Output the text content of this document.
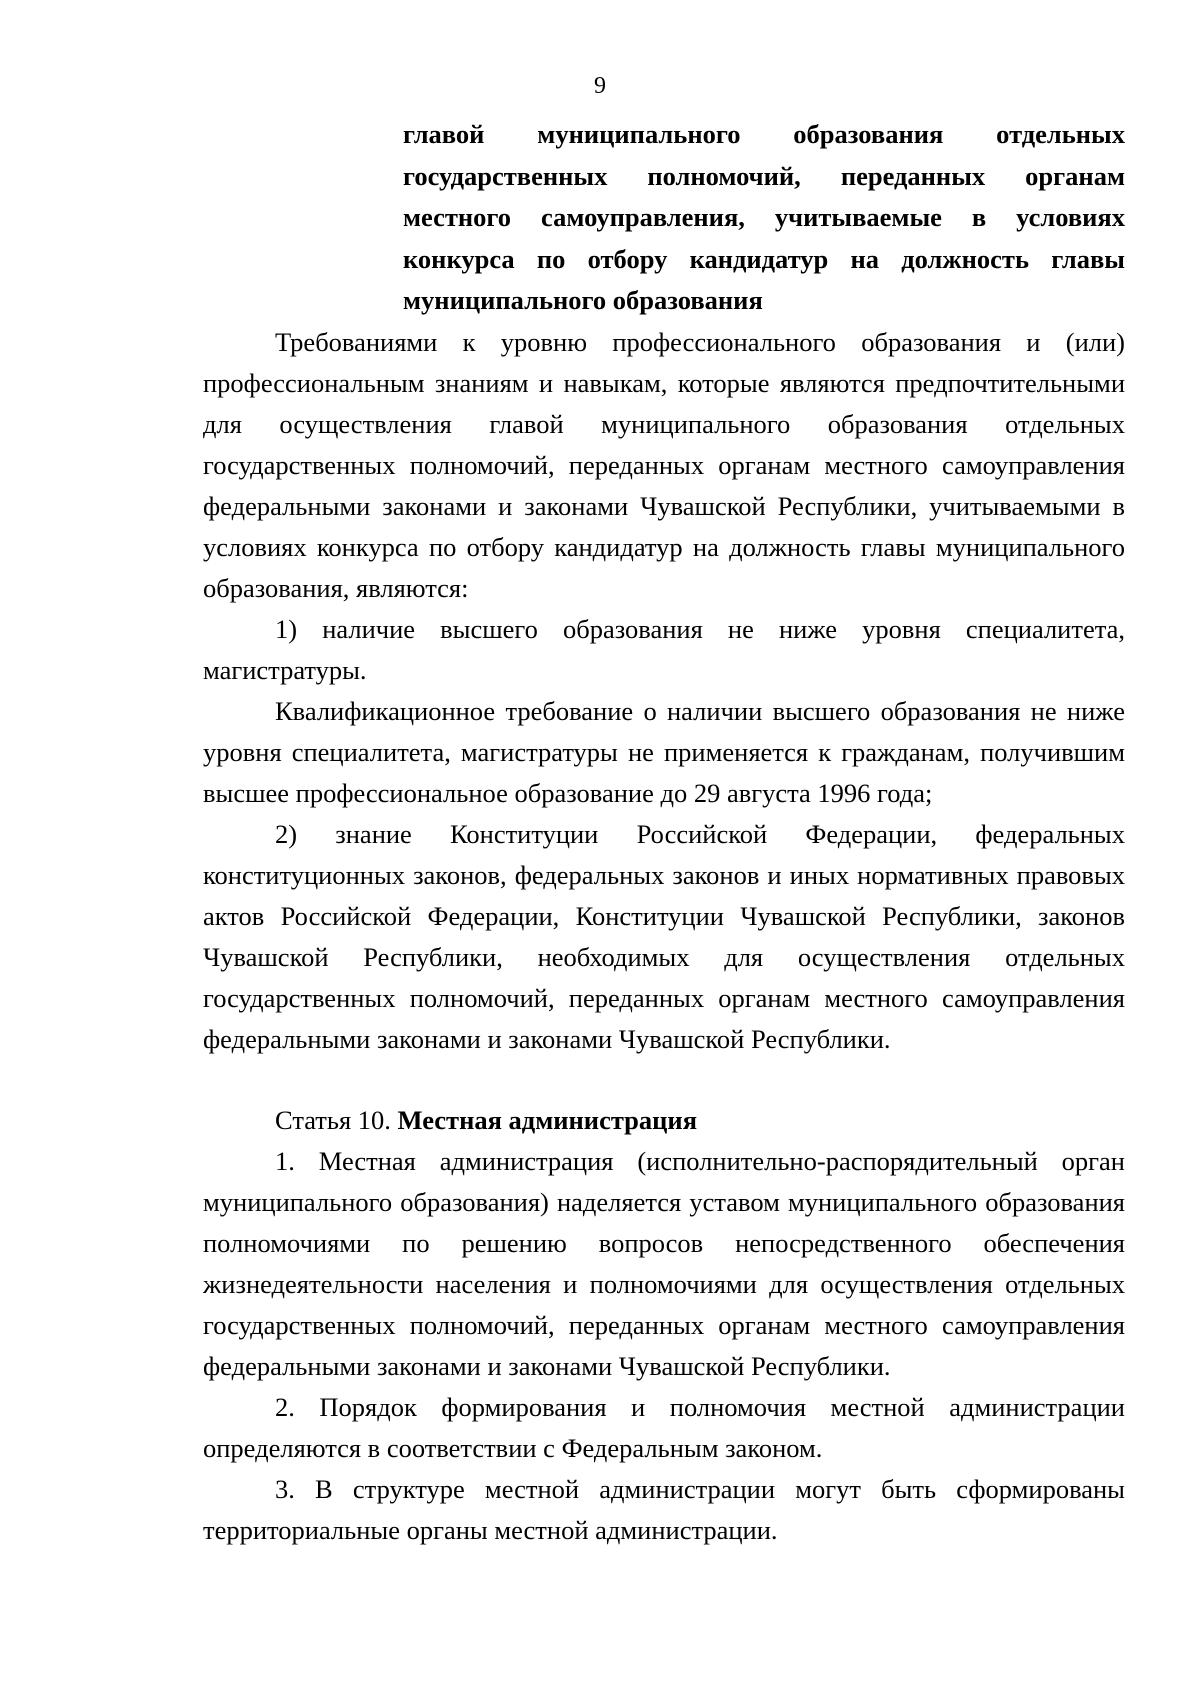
9

главой муниципального образования отдельных государственных полномочий, переданных органам местного самоуправления, учитываемые в условиях конкурса по отбору кандидатур на должность главы муниципального образования

Требованиями к уровню профессионального образования и (или) профессиональным знаниям и навыкам, которые являются предпочтительными для осуществления главой муниципального образования отдельных государственных полномочий, переданных органам местного самоуправления федеральными законами и законами Чувашской Республики, учитываемыми в условиях конкурса по отбору кандидатур на должность главы муниципального образования, являются:

1) наличие высшего образования не ниже уровня специалитета, магистратуры.

Квалификационное требование о наличии высшего образования не ниже уровня специалитета, магистратуры не применяется к гражданам, получившим высшее профессиональное образование до 29 августа 1996 года;

2) знание Конституции Российской Федерации, федеральных конституционных законов, федеральных законов и иных нормативных правовых актов Российской Федерации, Конституции Чувашской Республики, законов Чувашской Республики, необходимых для осуществления отдельных государственных полномочий, переданных органам местного самоуправления федеральными законами и законами Чувашской Республики.

Статья 10. Местная администрация

1. Местная администрация (исполнительно-распорядительный орган муниципального образования) наделяется уставом муниципального образования полномочиями по решению вопросов непосредственного обеспечения жизнедеятельности населения и полномочиями для осуществления отдельных государственных полномочий, переданных органам местного самоуправления федеральными законами и законами Чувашской Республики.

2. Порядок формирования и полномочия местной администрации определяются в соответствии с Федеральным законом.

3. В структуре местной администрации могут быть сформированы территориальные органы местной администрации.
